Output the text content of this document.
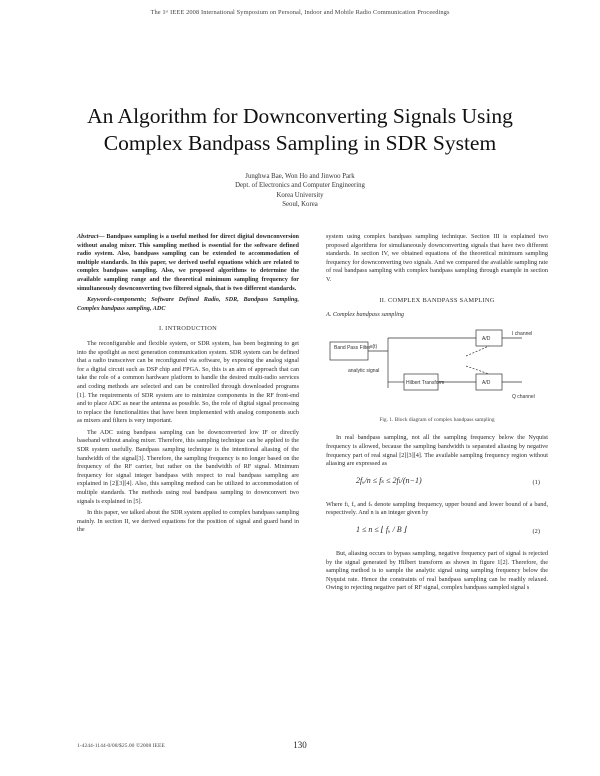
The 1ˢᵗ IEEE 2008 International Symposium on Personal, Indoor and Mobile Radio Communication Proceedings
An Algorithm for Downconverting Signals Using
Complex Bandpass Sampling in SDR System
Junghwa Bae, Won Ho and Jinwoo Park
Dept. of Electronics and Computer Engineering
Korea University
Seoul, Korea

Abstract— Bandpass sampling is a useful method for direct digital downconversion without analog mixer. This sampling method is essential for the software defined radio system. Also, bandpass sampling can be extended to accommodation of multiple standards. In this paper, we derived useful equations which are related to complex bandpass sampling. Also, we proposed algorithms to determine the available sampling range and the theoretical minimum sampling frequency for simultaneously downconverting two filtered signals, that is two different standards.

Keywords-components; Software Defined Radio, SDR, Bandpass Sampling, Complex bandpass sampling, ADC

I. INTRODUCTION

The reconfigurable and flexible system, or SDR system, has been beginning to get into the spotlight as next generation communication system. SDR system can be defined that a radio transceiver can be reconfigured via software, by exposing the analog signal for a digital circuit such as DSP chip and FPGA. So, this is an aim of approach that can take the role of a common hardware platform to handle the desired multi-radio services and coding methods are selected and can be controlled through downloaded programs [1]. The requirements of SDR system are to minimize components in the RF front-end and to place ADC as near the antenna as possible. So, the role of digital signal processing to replace the functionalities that have been implemented with analog components such as mixers and filters is very important.

The ADC using bandpass sampling can be downconverted low IF or directly baseband without analog mixer. Therefore, this sampling technique can be applied to the SDR system usefully. Bandpass sampling technique is the intentional aliasing of the bandwidth of the signal[3]. Therefore, the sampling frequency is no longer based on the frequency of the RF carrier, but rather on the bandwidth of RF signal. Minimum frequency for signal integer bandpass with respect to real bandpass sampling are explained in [2][3][4]. Also, this sampling method can be utilized to accommodation of multiple standards. The methods using real bandpass sampling to downconvert two signals is explained in [5].

In this paper, we talked about the SDR system applied to complex bandpass sampling mainly. In section II, we derived equations for the position of signal and guard band in the

system using complex bandpass sampling technique. Section III is explained two proposed algorithms for simultaneously downconverting signals that have two different standards. In section IV, we obtained equations of the theoretical minimum sampling frequency for downconverting two signals. And we compared the available sampling rate of real bandpass sampling with complex bandpass sampling through example in section V.

II. COMPLEX BANDPASS SAMPLING
A. Complex bandpass sampling
Band Pass Filter s(t)
Hilbert Transform
A/D
A/D
I channel
Q channel
analytic signal
Fig. 1. Block diagram of complex bandpass sampling

In real bandpass sampling, not all the sampling frequency below the Nyquist frequency is allowed, because the sampling bandwidth is separated aliasing by negative frequency part of real signal [2][3][4]. The available sampling frequency region without aliasing are expressed as

2fᵤ/n ≤ fₛ ≤ 2fₗ/(n−1)	(1)

Where fₗ, fᵤ and fₛ denote sampling frequency, upper bound and lower bound of a band, respectively. And n is an integer given by

1 ≤ n ≤ ⌊ fᵤ / B ⌋	(2)

But, aliasing occurs to bypass sampling, negative frequency part of signal is rejected by the signal generated by Hilbert transform as shown in figure 1[2]. Therefore, the sampling method is to sample the analytic signal using sampling frequency below the Nyquist rate. Hence the constraints of real bandpass sampling can be readily relaxed. Owing to rejecting negative part of RF signal, complex bandpass sampled signal s

1-4244-1144-0/08/$25.00 ©2008 IEEE	130
